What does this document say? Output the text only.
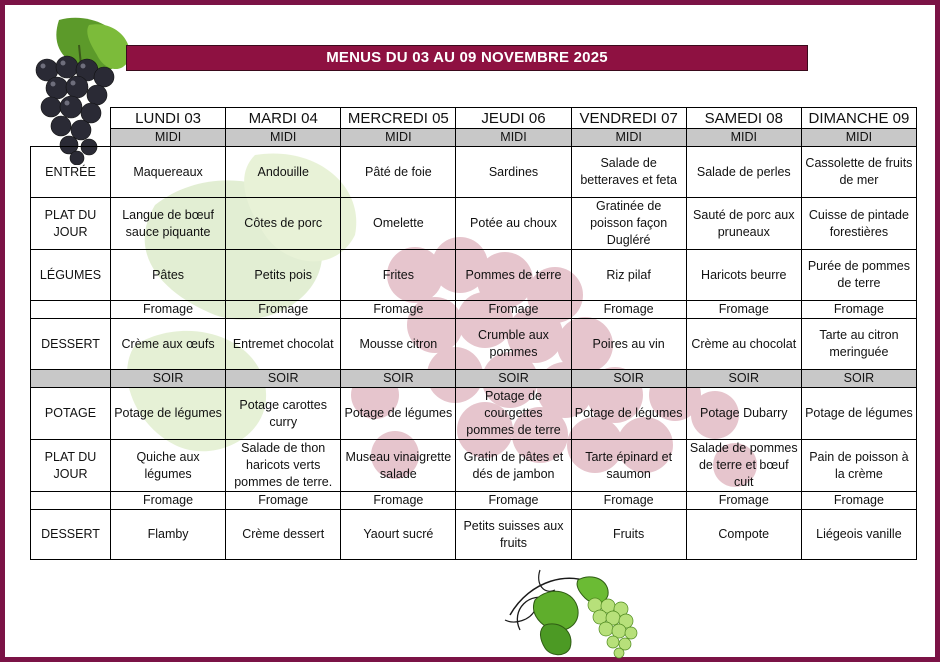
MENUS DU 03 AU 09 NOVEMBRE 2025
	LUNDI 03	MARDI 04	MERCREDI 05	JEUDI 06	VENDREDI 07	SAMEDI 08	DIMANCHE 09
	MIDI	MIDI	MIDI	MIDI	MIDI	MIDI	MIDI
ENTRÉE	Maquereaux	Andouille	Pâté de foie	Sardines	Salade de betteraves et feta	Salade de perles	Cassolette de fruits de mer
PLAT DU JOUR	Langue de bœuf sauce piquante	Côtes de porc	Omelette	Potée au choux	Gratinée de poisson façon Dugléré	Sauté de porc aux pruneaux	Cuisse de pintade forestières
LÉGUMES	Pâtes	Petits pois	Frites	Pommes de terre	Riz pilaf	Haricots beurre	Purée de pommes de terre
	Fromage	Fromage	Fromage	Fromage	Fromage	Fromage	Fromage
DESSERT	Crème aux œufs	Entremet chocolat	Mousse citron	Crumble aux pommes	Poires au vin	Crème au chocolat	Tarte au citron meringuée
	SOIR	SOIR	SOIR	SOIR	SOIR	SOIR	SOIR
POTAGE	Potage de légumes	Potage carottes curry	Potage de légumes	Potage de courgettes pommes de terre	Potage de légumes	Potage Dubarry	Potage de légumes
PLAT DU JOUR	Quiche aux légumes	Salade de thon haricots verts pommes de terre.	Museau vinaigrette salade	Gratin de pâtes et dés de jambon	Tarte épinard et saumon	Salade de pommes de terre et bœuf cuit	Pain de poisson à la crème
	Fromage	Fromage	Fromage	Fromage	Fromage	Fromage	Fromage
DESSERT	Flamby	Crème dessert	Yaourt sucré	Petits suisses aux fruits	Fruits	Compote	Liégeois vanille
